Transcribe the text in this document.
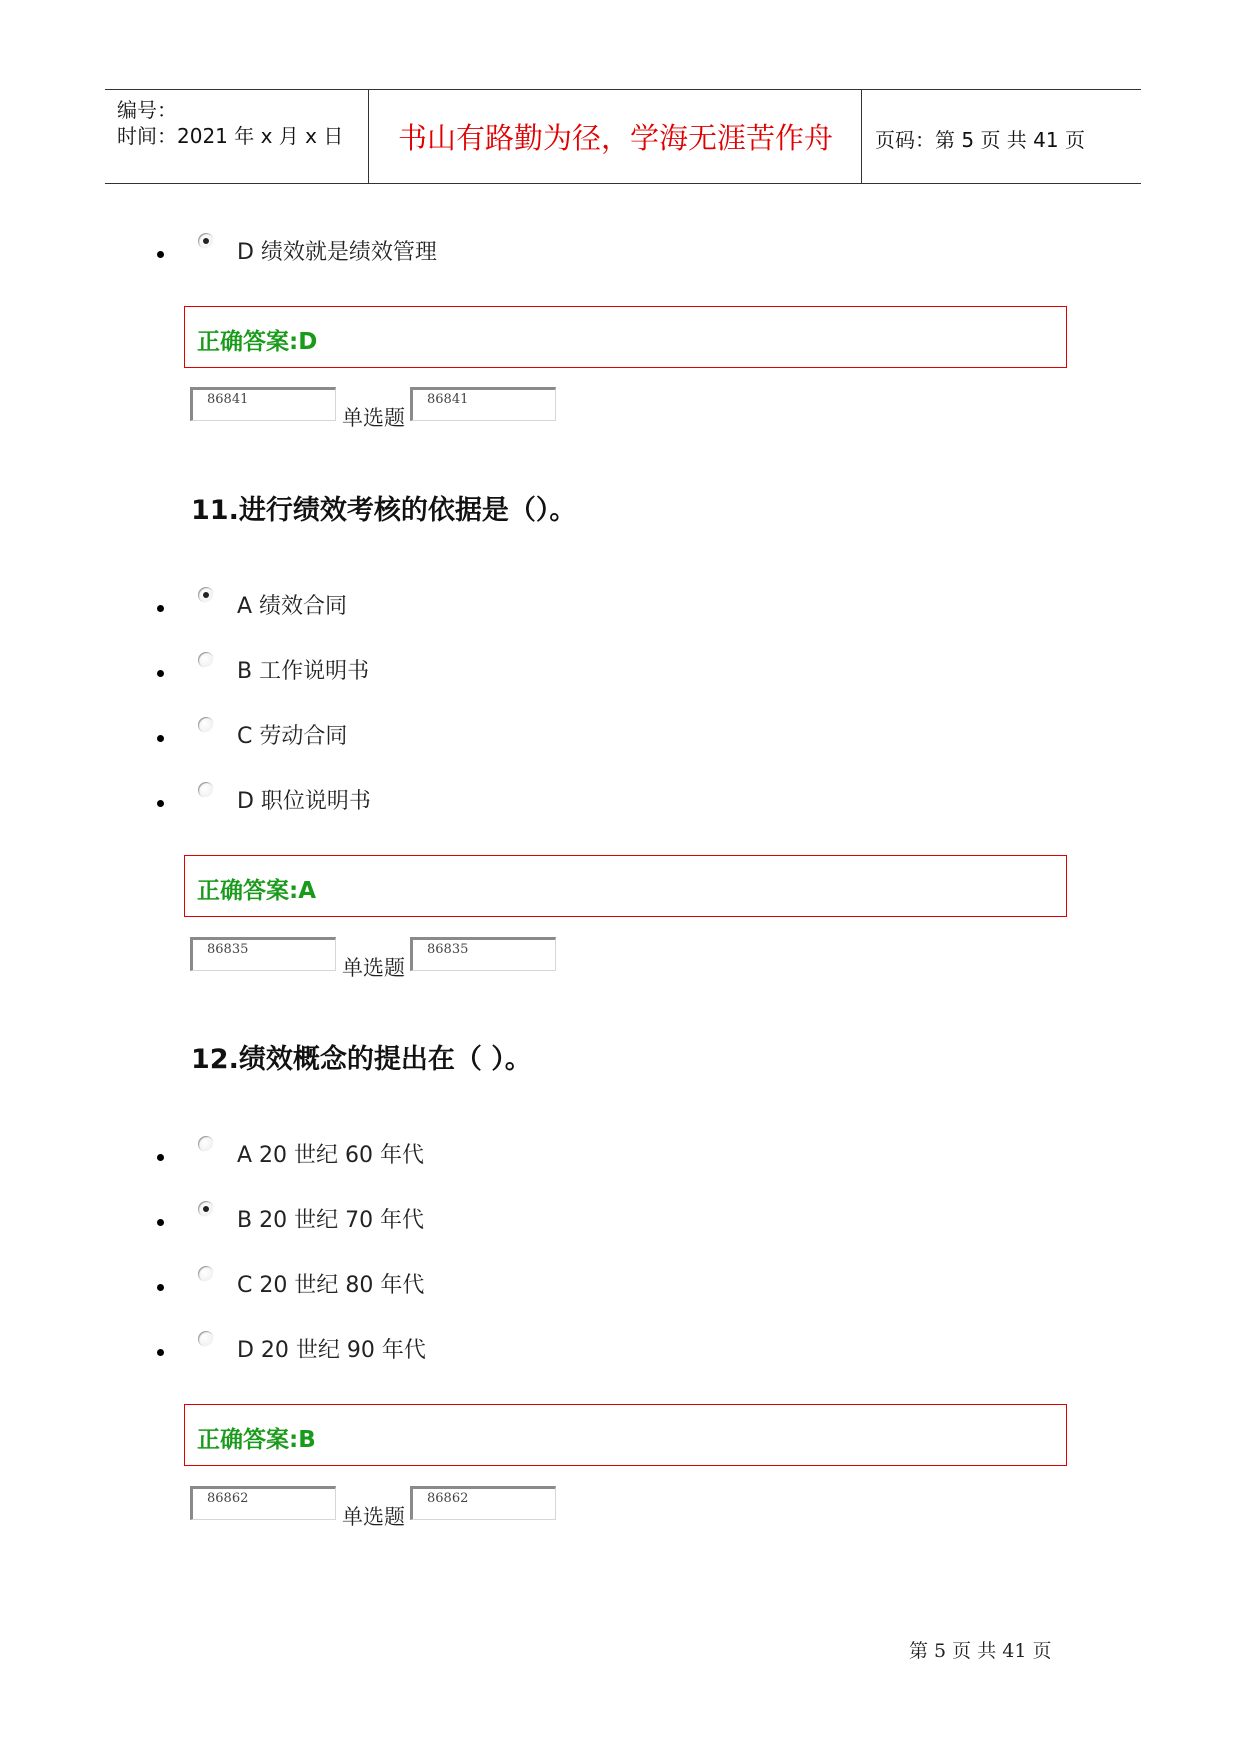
编号：
时间：2021 年 x 月 x 日	书山有路勤为径，学海无涯苦作舟	页码：第 5 页 共 41 页
D 绩效就是绩效管理
正确答案:D
86841
单选题
86841
11.进行绩效考核的依据是（）。
A 绩效合同
B 工作说明书
C 劳动合同
D 职位说明书
正确答案:A
86835
单选题
86835
12.绩效概念的提出在（ ）。
A 20 世纪 60 年代
B 20 世纪 70 年代
C 20 世纪 80 年代
D 20 世纪 90 年代
正确答案:B
86862
单选题
86862
第 5 页 共 41 页
